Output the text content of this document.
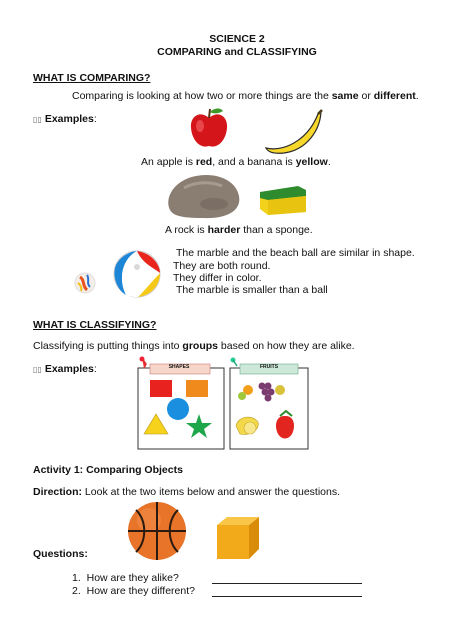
SCIENCE 2
COMPARING and CLASSIFYING
WHAT IS COMPARING?
Comparing is looking at how two or more things are the same or different.
▯▯ Examples:
An apple is red, and a banana is yellow.
A rock is harder than a sponge.
The marble and the beach ball are similar in shape.
They are both round.
They differ in color.
The marble is smaller than a ball
WHAT IS CLASSIFYING?
Classifying is putting things into groups based on how they are alike.
▯▯ Examples:	SHAPES	FRUITS
Activity 1: Comparing Objects
Direction: Look at the two items below and answer the questions.
Questions:
1. How are they alike?
2. How are they different?
